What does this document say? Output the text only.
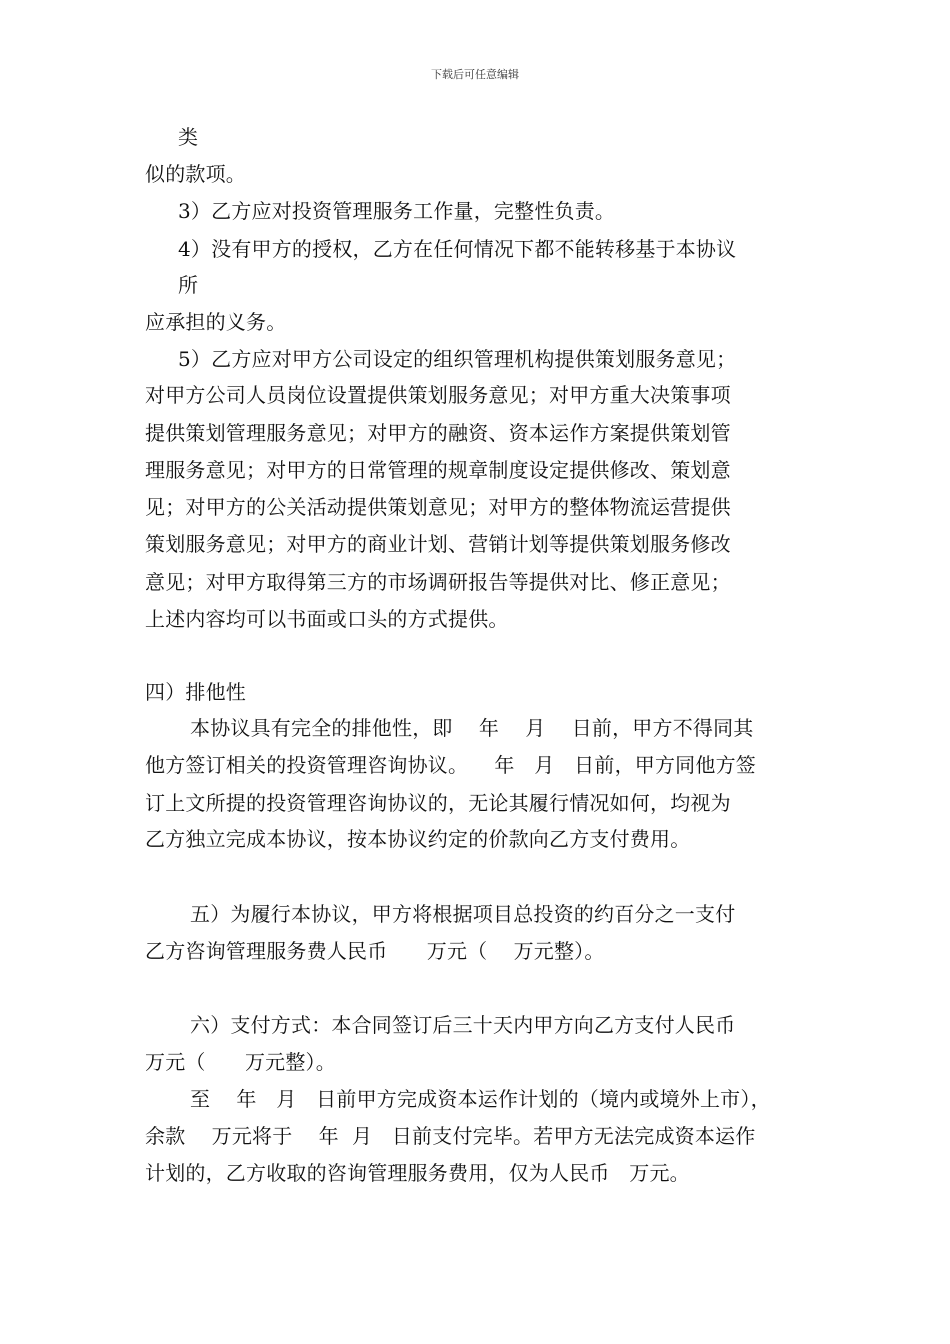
下载后可任意编辑
类
似的款项。
3）乙方应对投资管理服务工作量，完整性负责。
4）没有甲方的授权，乙方在任何情况下都不能转移基于本协议
所
应承担的义务。
5）乙方应对甲方公司设定的组织管理机构提供策划服务意见；
对甲方公司人员岗位设置提供策划服务意见；对甲方重大决策事项
提供策划管理服务意见；对甲方的融资、资本运作方案提供策划管
理服务意见；对甲方的日常管理的规章制度设定提供修改、策划意
见；对甲方的公关活动提供策划意见；对甲方的整体物流运营提供
策划服务意见；对甲方的商业计划、营销计划等提供策划服务修改
意见；对甲方取得第三方的市场调研报告等提供对比、修正意见；
上述内容均可以书面或口头的方式提供。
四）排他性
本协议具有完全的排他性，即    年    月    日前，甲方不得同其
他方签订相关的投资管理咨询协议。    年   月   日前，甲方同他方签
订上文所提的投资管理咨询协议的，无论其履行情况如何，均视为
乙方独立完成本协议，按本协议约定的价款向乙方支付费用。
五）为履行本协议，甲方将根据项目总投资的约百分之一支付
乙方咨询管理服务费人民币      万元（    万元整）。
六）支付方式：本合同签订后三十天内甲方向乙方支付人民币
万元（      万元整）。
至    年   月   日前甲方完成资本运作计划的（境内或境外上市），
余款    万元将于    年  月   日前支付完毕。若甲方无法完成资本运作
计划的，乙方收取的咨询管理服务费用，仅为人民币   万元。
